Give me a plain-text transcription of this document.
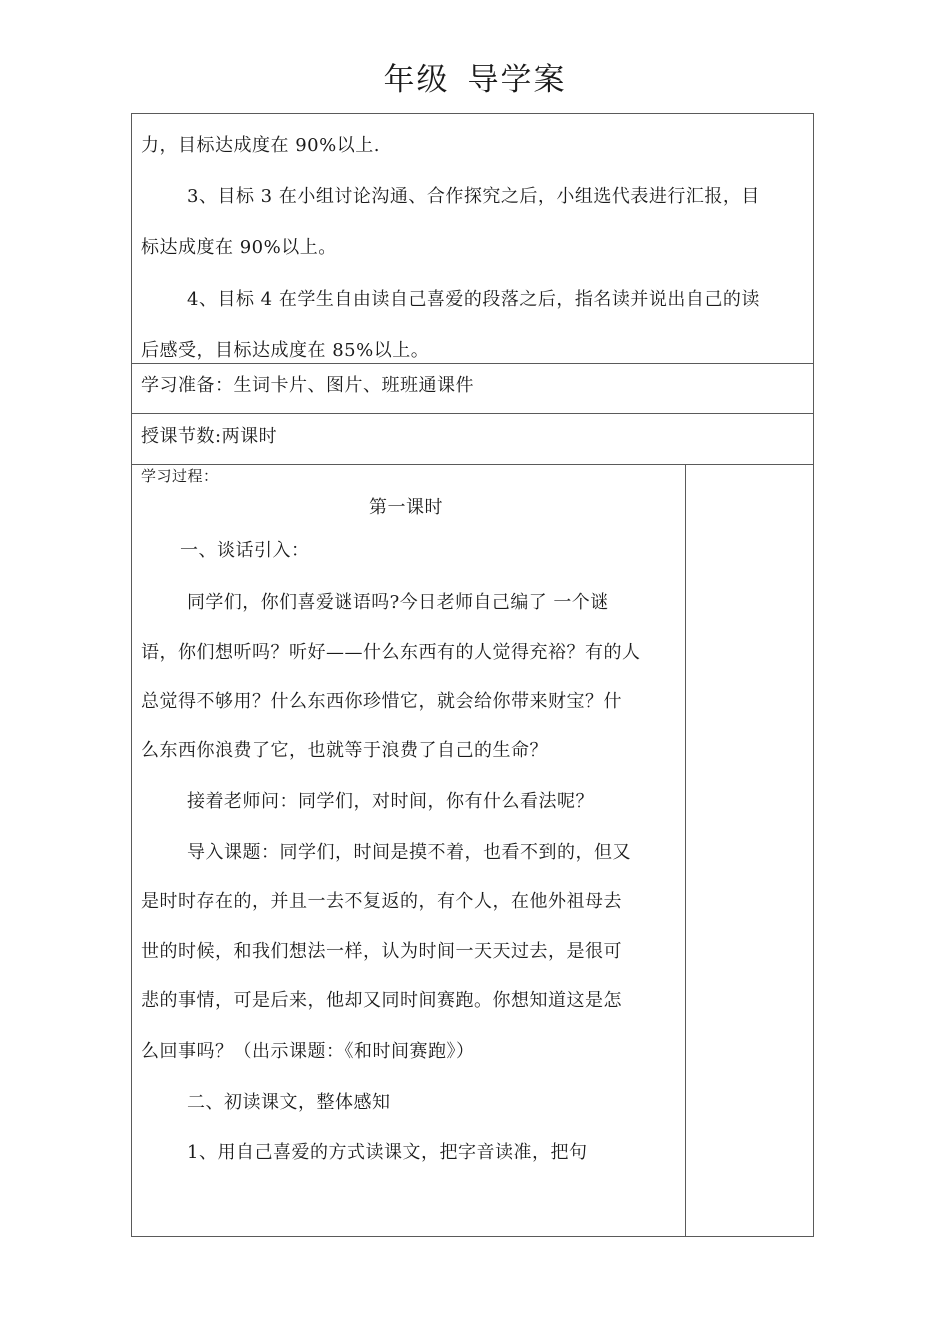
年级 导学案
力，目标达成度在 90%以上.
3、目标 3 在小组讨论沟通、合作探究之后，小组选代表进行汇报，目
标达成度在 90%以上。
4、目标 4 在学生自由读自己喜爱的段落之后，指名读并说出自己的读
后感受，目标达成度在 85%以上。
学习准备：生词卡片、图片、班班通课件
授课节数:两课时
学习过程：
第一课时
一、谈话引入：
同学们，你们喜爱谜语吗?今日老师自己编了 一个谜
语，你们想听吗？听好——什么东西有的人觉得充裕？有的人
总觉得不够用？什么东西你珍惜它，就会给你带来财宝？什
么东西你浪费了它，也就等于浪费了自己的生命？
接着老师问：同学们，对时间，你有什么看法呢？
导入课题：同学们，时间是摸不着，也看不到的，但又
是时时存在的，并且一去不复返的，有个人，在他外祖母去
世的时候，和我们想法一样，认为时间一天天过去，是很可
悲的事情，可是后来，他却又同时间赛跑。你想知道这是怎
么回事吗？（出示课题：《和时间赛跑》）
二、初读课文，整体感知
1、用自己喜爱的方式读课文，把字音读准，把句
